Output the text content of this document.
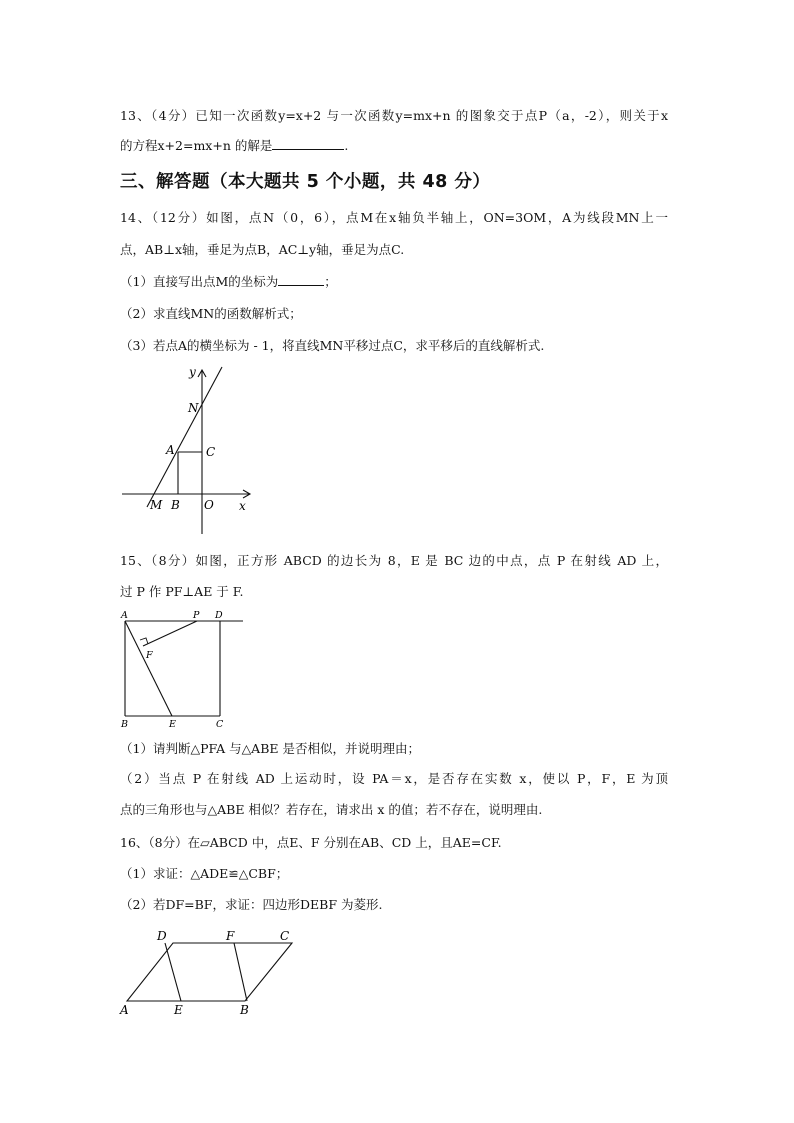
13、（4分）已知一次函数y=x+2 与一次函数y=mx+n 的图象交于点P（a，-2），则关于x
的方程x+2=mx+n 的解是	.
三、解答题（本大题共 5 个小题，共 48 分）
14、（12分）如图，点N（0，6），点M在x轴负半轴上，ON=3OM，A为线段MN上一
点，AB⊥x轴，垂足为点B，AC⊥y轴，垂足为点C.
（1）直接写出点M的坐标为	；
（2）求直线MN的函数解析式；
（3）若点A的横坐标为 - 1，将直线MN平移过点C，求平移后的直线解析式.
y
N
A	C
M B O x
15、（8分）如图，正方形 ABCD 的边长为 8，E 是 BC 边的中点，点 P 在射线 AD 上，
过 P 作 PF⊥AE 于 F.
A	P D
F
B	E	C
（1）请判断△PFA 与△ABE 是否相似，并说明理由；
（2）当点 P 在射线 AD 上运动时，设 PA＝x，是否存在实数 x，使以 P，F，E 为顶
点的三角形也与△ABE 相似？若存在，请求出 x 的值；若不存在，说明理由.
16、（8分）在▱ABCD 中，点E、F 分别在AB、CD 上，且AE=CF.
（1）求证：△ADE≌△CBF；
（2）若DF=BF，求证：四边形DEBF 为菱形.
D	F	C
A	E	B
